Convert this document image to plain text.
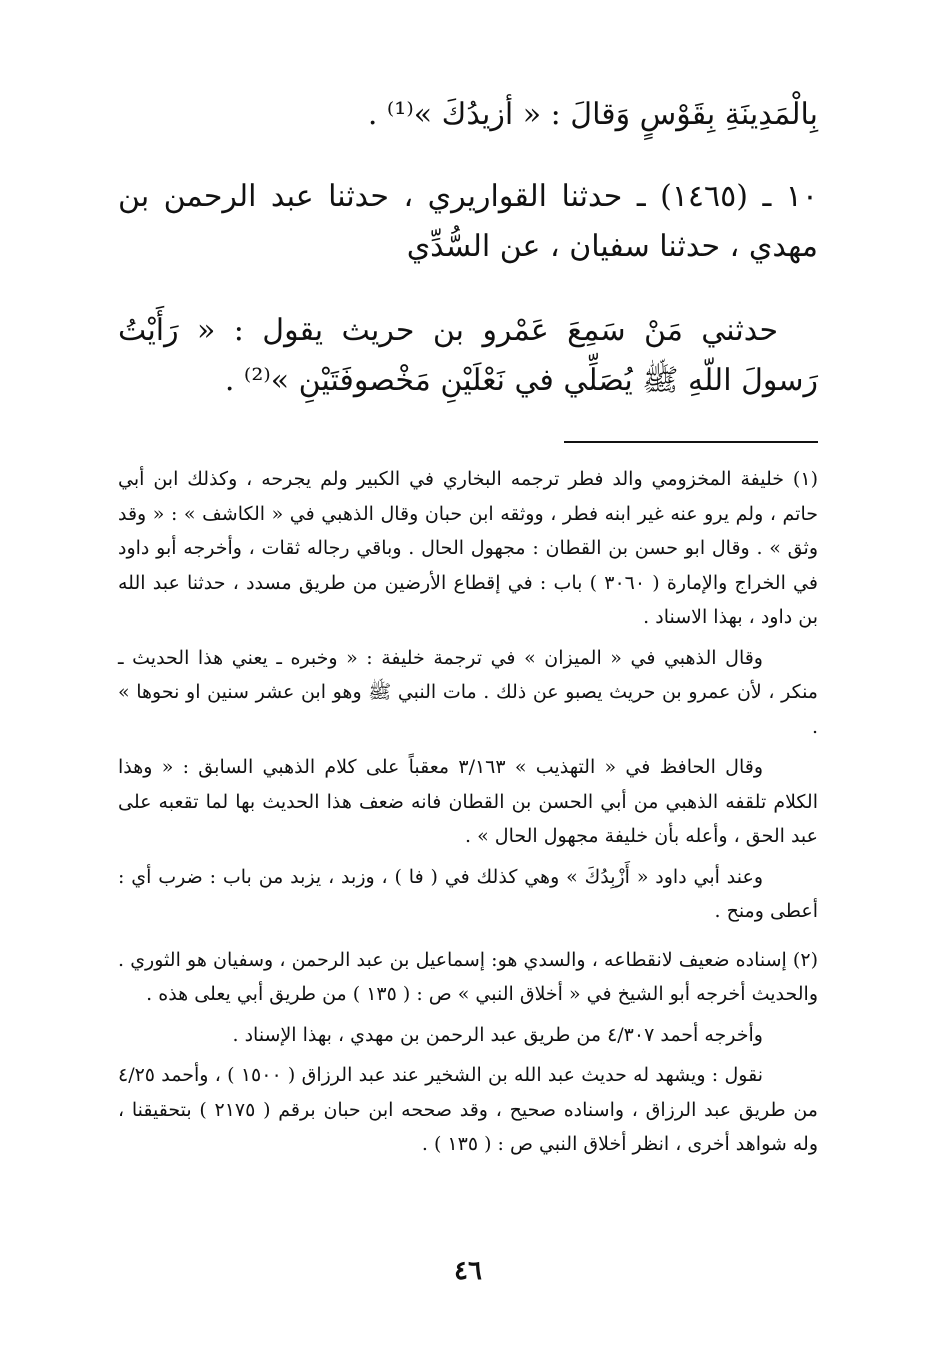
بِالْمَدِينَةِ بِقَوْسٍ وَقالَ : « أزيدُكَ »⁽¹⁾ .
١٠ ـ (١٤٦٥) ـ حدثنا القواريري ، حدثنا عبد الرحمن بن مهدي ، حدثنا سفيان ، عن السُّدِّي
حدثني مَنْ سَمِعَ عَمْرو بن حريث يقول : « رَأَيْتُ رَسولَ اللّهِ ﷺ يُصَلِّي في نَعْلَيْنِ مَخْصوفَتَيْنِ »⁽²⁾ .

(١) خليفة المخزومي والد فطر ترجمه البخاري في الكبير ولم يجرحه ، وكذلك ابن أبي حاتم ، ولم يرو عنه غير ابنه فطر ، ووثقه ابن حبان وقال الذهبي في « الكاشف » : « وقد وثق » . وقال ابو حسن بن القطان : مجهول الحال . وباقي رجاله ثقات ، وأخرجه أبو داود في الخراج والإمارة ( ٣٠٦٠ ) باب : في إقطاع الأرضين من طريق مسدد ، حدثنا عبد الله بن داود ، بهذا الاسناد .

وقال الذهبي في « الميزان » في ترجمة خليفة : « وخبره ـ يعني هذا الحديث ـ منكر ، لأن عمرو بن حريث يصبو عن ذلك . مات النبي ﷺ وهو ابن عشر سنين او نحوها » .

وقال الحافظ في « التهذيب » ٣/١٦٣ معقباً على كلام الذهبي السابق : « وهذا الكلام تلقفه الذهبي من أبي الحسن بن القطان فانه ضعف هذا الحديث بها لما تقعبه على عبد الحق ، وأعله بأن خليفة مجهول الحال » .

وعند أبي داود « أَزْبِدُكَ » وهي كذلك في ( فا ) ، وزبد ، يزبد من باب : ضرب أي : أعطى ومنح .

(٢) إسناده ضعيف لانقطاعه ، والسدي هو: إسماعيل بن عبد الرحمن ، وسفيان هو الثوري . والحديث أخرجه أبو الشيخ في « أخلاق النبي » ص : ( ١٣٥ ) من طريق أبي يعلى هذه .

وأخرجه أحمد ٤/٣٠٧ من طريق عبد الرحمن بن مهدي ، بهذا الإسناد .

نقول : ويشهد له حديث عبد الله بن الشخير عند عبد الرزاق ( ١٥٠٠ ) ، وأحمد ٤/٢٥ من طريق عبد الرزاق ، واسناده صحيح ، وقد صححه ابن حبان برقم ( ٢١٧٥ ) بتحقيقنا ، وله شواهد أخرى ، انظر أخلاق النبي ص : ( ١٣٥ ) .

٤٦
